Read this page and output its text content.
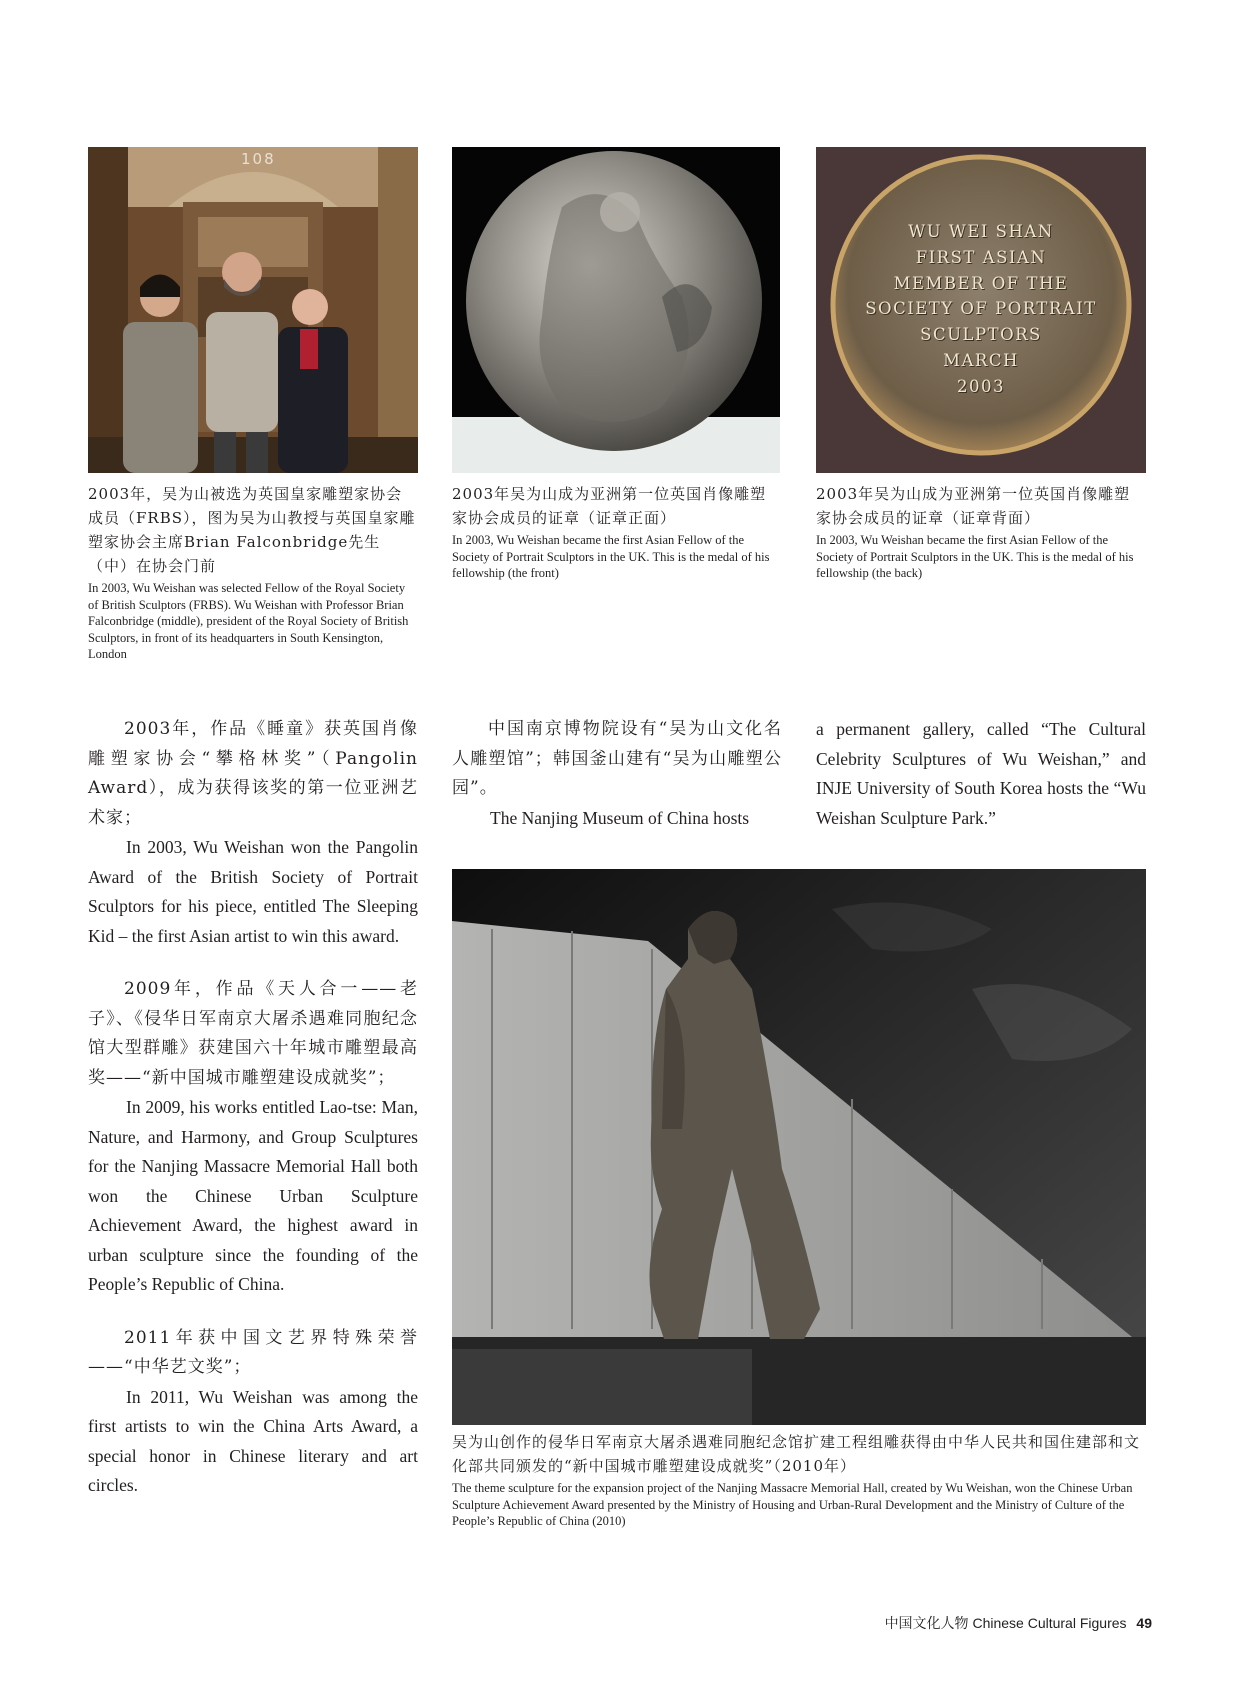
108
WU WEI SHAN
FIRST ASIAN
MEMBER OF THE
SOCIETY OF PORTRAIT
SCULPTORS
MARCH
2003
2003年，吴为山被选为英国皇家雕塑家协会成员（FRBS），图为吴为山教授与英国皇家雕塑家协会主席Brian Falconbridge先生（中）在协会门前
In 2003, Wu Weishan was selected Fellow of the Royal Society of British Sculptors (FRBS). Wu Weishan with Professor Brian Falconbridge (middle), president of the Royal Society of British Sculptors, in front of its headquarters in South Kensington, London
2003年吴为山成为亚洲第一位英国肖像雕塑家协会成员的证章（证章正面）
In 2003, Wu Weishan became the first Asian Fellow of the Society of Portrait Sculptors in the UK. This is the medal of his fellowship (the front)
2003年吴为山成为亚洲第一位英国肖像雕塑家协会成员的证章（证章背面）
In 2003, Wu Weishan became the first Asian Fellow of the Society of Portrait Sculptors in the UK. This is the medal of his fellowship (the back)

2003年，作品《睡童》获英国肖像雕塑家协会“攀格林奖”（Pangolin Award），成为获得该奖的第一位亚洲艺术家；

In 2003, Wu Weishan won the Pangolin Award of the British Society of Portrait Sculptors for his piece, entitled The Sleeping Kid – the first Asian artist to win this award.

2009年，作品《天人合一——老子》、《侵华日军南京大屠杀遇难同胞纪念馆大型群雕》获建国六十年城市雕塑最高奖——“新中国城市雕塑建设成就奖”；

In 2009, his works entitled Lao-tse: Man, Nature, and Harmony, and Group Sculptures for the Nanjing Massacre Memorial Hall both won the Chinese Urban Sculpture Achievement Award, the highest award in urban sculpture since the founding of the People’s Republic of China.

2011年获中国文艺界特殊荣誉——“中华艺文奖”；

In 2011, Wu Weishan was among the first artists to win the China Arts Award, a special honor in Chinese literary and art circles.

中国南京博物院设有“吴为山文化名人雕塑馆”；韩国釜山建有“吴为山雕塑公园”。

The Nanjing Museum of China hosts

a permanent gallery, called “The Cultural Celebrity Sculptures of Wu Weishan,” and INJE University of South Korea hosts the “Wu Weishan Sculpture Park.”

吴为山创作的侵华日军南京大屠杀遇难同胞纪念馆扩建工程组雕获得由中华人民共和国住建部和文化部共同颁发的“新中国城市雕塑建设成就奖”（2010年）
The theme sculpture for the expansion project of the Nanjing Massacre Memorial Hall, created by Wu Weishan, won the Chinese Urban Sculpture Achievement Award presented by the Ministry of Housing and Urban-Rural Development and the Ministry of Culture of the People’s Republic of China (2010)
中国文化人物 Chinese Cultural Figures 49
